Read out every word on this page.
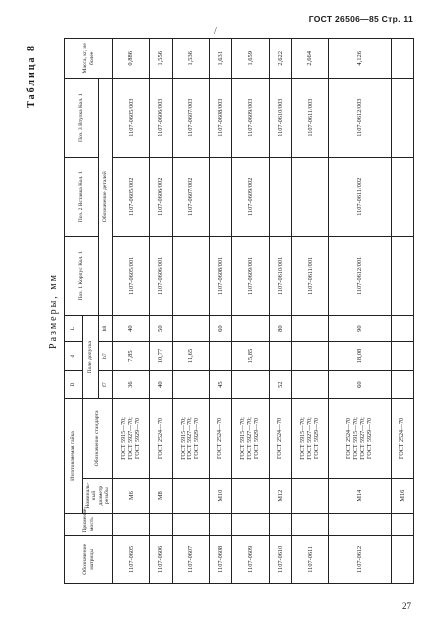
ГОСТ 26506—85 Стр. 11
/
Таблица 8
Размеры, мм
Обозначение матрицы	Применяе-мость	Изготовляемая гайка		D	d	L	Поз. 1 Корпус Кол. 1	Поз. 2 Вставка Кол. 1	Поз. 3 Втулка Кол. 1	Масса, кг, не более
		Номиналь-ный диаметр резьбы	Обозначение стандарта	Поле допуска						
				f7	h7	h8	Обозначение деталей			
1107-0605		М6	ГОСТ 5915—70; ГОСТ 5927—70; ГОСТ 5929—70	36	7,85	40	1107-0605/001	1107-0605/002	1107-0605/003	0,886
1107-0606		М8	ГОСТ 2524—70	40	10,77	50	1107-0606/001	1107-0606/002	1107-0606/003	1,556
1107-0607			ГОСТ 5915—70; ГОСТ 5927—70; ГОСТ 5929—70		11,65			1107-0607/002	1107-0607/003	1,536
1107-0608		М10	ГОСТ 2524—70	45		60	1107-0608/001		1107-0608/003	1,631
1107-0609			ГОСТ 5915—70; ГОСТ 5927—70; ГОСТ 5929—70		15,85		1107-0609/001	1107-0609/002	1107-0609/003	1,659
1107-0610		М12	ГОСТ 2524—70	52		80	1107-0610/001		1107-0610/003	2,622
1107-0611			ГОСТ 5915—70; ГОСТ 5927—70; ГОСТ 5929—70				1107-0611/001		1107-0611/003	2,664
1107-0612		М14	ГОСТ 2524—70 ГОСТ 5915—70; ГОСТ 5927—70; ГОСТ 5929—70	60	18,08	90	1107-0612/001	1107-0611/002	1107-0612/003	4,126
		М16	ГОСТ 2524—70							

27
